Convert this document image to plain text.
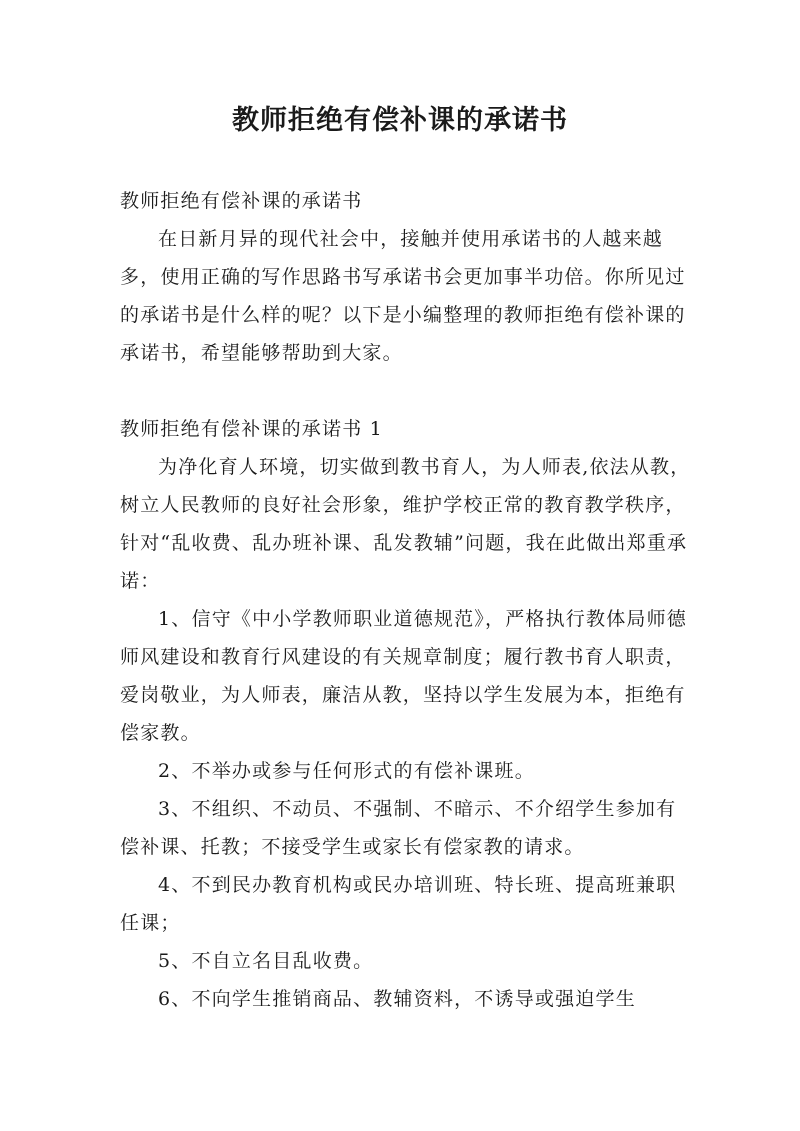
教师拒绝有偿补课的承诺书

教师拒绝有偿补课的承诺书

在日新月异的现代社会中，接触并使用承诺书的人越来越多，使用正确的写作思路书写承诺书会更加事半功倍。你所见过的承诺书是什么样的呢？以下是小编整理的教师拒绝有偿补课的承诺书，希望能够帮助到大家。

教师拒绝有偿补课的承诺书 1

为净化育人环境，切实做到教书育人，为人师表,依法从教，树立人民教师的良好社会形象，维护学校正常的教育教学秩序，针对“乱收费、乱办班补课、乱发教辅”问题，我在此做出郑重承诺：

1、信守《中小学教师职业道德规范》，严格执行教体局师德师风建设和教育行风建设的有关规章制度；履行教书育人职责，爱岗敬业，为人师表，廉洁从教，坚持以学生发展为本，拒绝有偿家教。

2、不举办或参与任何形式的有偿补课班。

3、不组织、不动员、不强制、不暗示、不介绍学生参加有偿补课、托教；不接受学生或家长有偿家教的请求。

4、不到民办教育机构或民办培训班、特长班、提高班兼职任课；

5、不自立名目乱收费。

6、不向学生推销商品、教辅资料，不诱导或强迫学生
